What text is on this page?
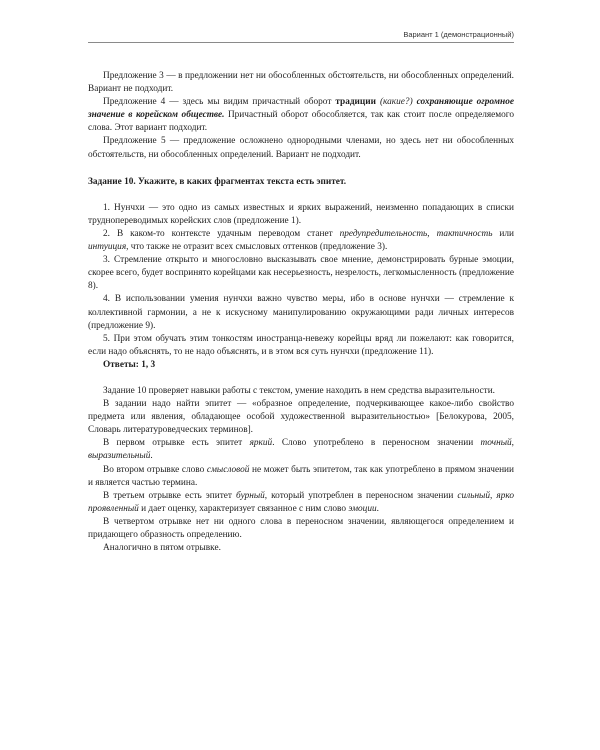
Вариант 1 (демонстрационный)

Предложение 3 — в предложении нет ни обособленных обстоятельств, ни обособленных определений. Вариант не подходит.

Предложение 4 — здесь мы видим причастный оборот традиции (какие?) сохраняющие огромное значение в корейском обществе. Причастный оборот обособляется, так как стоит после определяемого слова. Этот вариант подходит.

Предложение 5 — предложение осложнено однородными членами, но здесь нет ни обособленных обстоятельств, ни обособленных определений. Вариант не подходит.

Задание 10. Укажите, в каких фрагментах текста есть эпитет.

1. Нунчхи — это одно из самых известных и ярких выражений, неизменно попадающих в списки труднопереводимых корейских слов (предложение 1).

2. В каком-то контексте удачным переводом станет предупредительность, тактичность или интуиция, что также не отразит всех смысловых оттенков (предложение 3).

3. Стремление открыто и многословно высказывать свое мнение, демонстрировать бурные эмоции, скорее всего, будет воспринято корейцами как несерьезность, незрелость, легкомысленность (предложение 8).

4. В использовании умения нунчхи важно чувство меры, ибо в основе нунчхи — стремление к коллективной гармонии, а не к искусному манипулированию окружающими ради личных интересов (предложение 9).

5. При этом обучать этим тонкостям иностранца-невежу корейцы вряд ли пожелают: как говорится, если надо объяснять, то не надо объяснять, и в этом вся суть нунчхи (предложение 11).

Ответы: 1, 3

Задание 10 проверяет навыки работы с текстом, умение находить в нем средства выразительности.

В задании надо найти эпитет — «образное определение, подчеркивающее какое-либо свойство предмета или явления, обладающее особой художественной выразительностью» [Белокурова, 2005, Словарь литературоведческих терминов].

В первом отрывке есть эпитет яркий. Слово употреблено в переносном значении точный, выразительный.

Во втором отрывке слово смысловой не может быть эпитетом, так как употреблено в прямом значении и является частью термина.

В третьем отрывке есть эпитет бурный, который употреблен в переносном значении сильный, ярко проявленный и дает оценку, характеризует связанное с ним слово эмоции.

В четвертом отрывке нет ни одного слова в переносном значении, являющегося определением и придающего образность определению.

Аналогично в пятом отрывке.
